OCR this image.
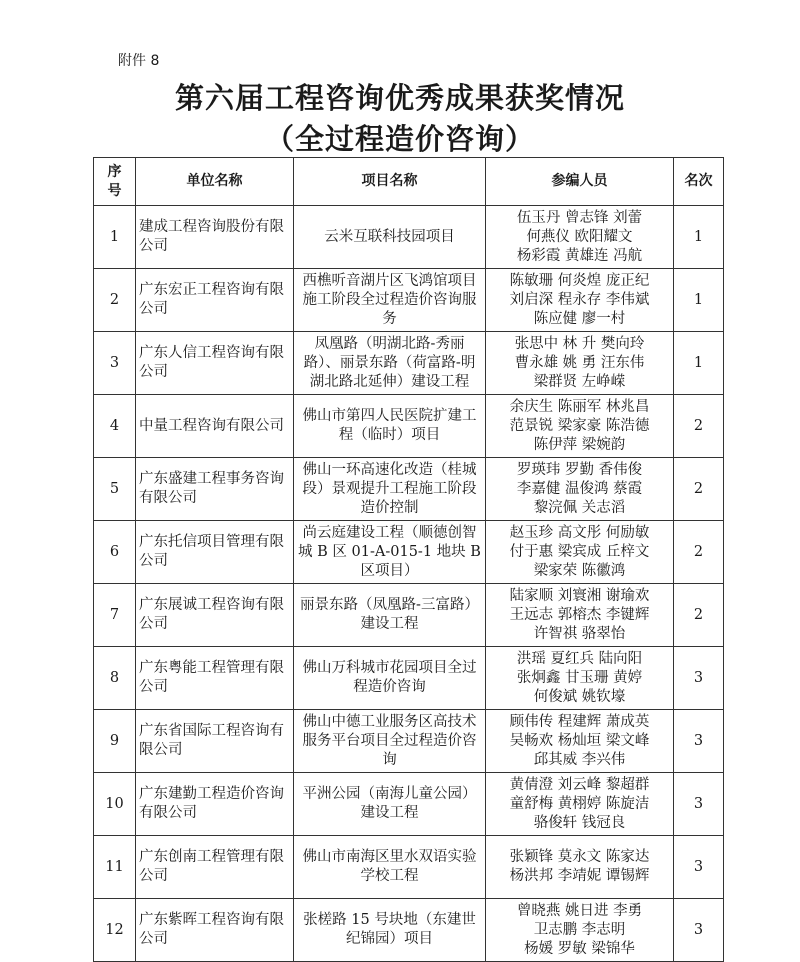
附件 8
第六届工程咨询优秀成果获奖情况
（全过程造价咨询）
序
号	单位名称	项目名称	参编人员	名次
1	建成工程咨询股份有限公司	云米互联科技园项目	伍玉丹 曾志锋 刘蕾
何燕仪 欧阳耀文
杨彩霞 黄雄连 冯航	1
2	广东宏正工程咨询有限公司	西樵听音湖片区飞鸿馆项目施工阶段全过程造价咨询服务	陈敏珊 何炎煌 庞正纪
刘启深 程永存 李伟斌
陈应健 廖一村	1
3	广东人信工程咨询有限公司	凤凰路（明湖北路-秀丽路）、丽景东路（荷富路-明湖北路北延伸）建设工程	张思中 林 升 樊向玲
曹永雄 姚 勇 汪东伟
梁群贤 左峥嵘	1
4	中量工程咨询有限公司	佛山市第四人民医院扩建工程（临时）项目	余庆生 陈丽军 林兆昌
范景锐 梁家豪 陈浩德
陈伊萍 梁婉韵	2
5	广东盛建工程事务咨询有限公司	佛山一环高速化改造（桂城段）景观提升工程施工阶段造价控制	罗瑛玮 罗勤 香伟俊
李嘉健 温俊鸿 蔡霞
黎浣佩 关志滔	2
6	广东托信项目管理有限公司	尚云庭建设工程（顺德创智城 B 区 01-A-015-1 地块 B 区项目）	赵玉珍 高文彤 何励敏
付于惠 梁宾成 丘梓文
梁家荣 陈徽鸿	2
7	广东展诚工程咨询有限公司	丽景东路（凤凰路-三富路）建设工程	陆家顺 刘寰湘 谢瑜欢
王远志 郭榕杰 李键辉
许智祺 骆翠怡	2
8	广东粤能工程管理有限公司	佛山万科城市花园项目全过程造价咨询	洪瑶 夏红兵 陆向阳
张炯鑫 甘玉珊 黄婷
何俊斌 姚钦壕	3
9	广东省国际工程咨询有限公司	佛山中德工业服务区高技术服务平台项目全过程造价咨询	顾伟传 程建辉 萧成英
吴畅欢 杨灿垣 梁文峰
邱其威 李兴伟	3
10	广东建勤工程造价咨询有限公司	平洲公园（南海儿童公园）建设工程	黄倩澄 刘云峰 黎超群
童舒梅 黄栩婷 陈旋洁
骆俊轩 钱冠良	3
11	广东创南工程管理有限公司	佛山市南海区里水双语实验学校工程	张颖锋 莫永文 陈家达
杨洪邦 李靖妮 谭锡辉	3
12	广东紫晖工程咨询有限公司	张槎路 15 号块地（东建世纪锦园）项目	曾晓燕 姚日进 李勇
卫志鹏 李志明
杨媛 罗敏 梁锦华	3
